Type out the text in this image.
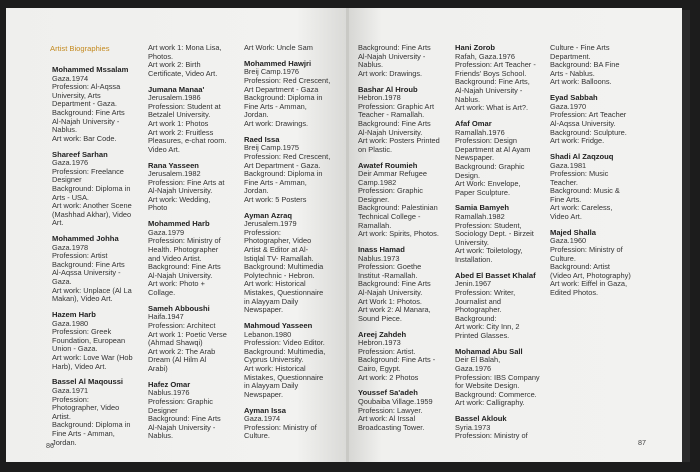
Artist Biographies
Mohammed Mssalam
Gaza.1974
Profession: Al-Aqssa
University, Arts
Department - Gaza.
Background: Fine Arts
Al-Najah University -
Nablus.
Art work: Bar Code.
Shareef Sarhan
Gaza.1976
Profession: Freelance
Designer
Background: Diploma in
Arts - USA.
Art work: Another Scene
(Mashhad Akhar), Video
Art.
Mohammed Johha
Gaza.1978
Profession: Artist
Background: Fine Arts
Al-Aqssa University -
Gaza.
Art work: Unplace (Al La
Makan), Video Art.
Hazem Harb
Gaza.1980
Profession: Greek
Foundation, European
Union - Gaza.
Art work: Love War (Hob
Harb), Video Art.
Bassel Al Maqoussi
Gaza.1971
Profession:
Photographer, Video
Artist.
Background: Diploma in
Fine Arts - Amman,
Jordan.
Art work 1: Mona Lisa,
Photos.
Art work 2: Birth
Certificate, Video Art.
Jumana Manaa'
Jerusalem.1986
Profession: Student at
Betzalel University.
Art work 1: Photos
Art work 2: Fruitless
Pleasures, e-chat room.
Video Art.
Rana Yasseen
Jerusalem.1982
Profession: Fine Arts at
Al-Najah University.
Art work: Wedding,
Photo
Mohammed Harb
Gaza.1979
Profession: Ministry of
Health. Photographer
and Video Artist.
Background: Fine Arts
Al-Najah University.
Art work: Photo +
Collage.
Sameh Abboushi
Haifa.1947
Profession: Architect
Art work 1: Poetic Verse
(Ahmad Shawqi)
Art work 2: The Arab
Dream (Al Hilm Al
Arabi)
Hafez Omar
Nablus.1976
Profession: Graphic
Designer
Background: Fine Arts
Al-Najah University -
Nablus.
Art Work: Uncle Sam
Mohammed Hawjri
Breij Camp.1976
Profession: Red Crescent,
Art Department - Gaza
Background: Diploma in
Fine Arts - Amman,
Jordan.
Art work: Drawings.
Raed Issa
Breij Camp.1975
Profession: Red Crescent,
Art Department - Gaza.
Background: Diploma in
Fine Arts - Amman,
Jordan.
Art work: 5 Posters
Ayman Azraq
Jerusalem.1979
Profession:
Photographer, Video
Artist & Editor at Al-
Istiqlal TV- Ramallah.
Background: Multimedia
Polytechnic - Hebron.
Art work: Historical
Mistakes, Questionnaire
in Alayyam Daily
Newspaper.
Mahmoud Yasseen
Lebanon.1980
Profession: Video Editor.
Background: Multimedia,
Cyprus University.
Art work: Historical
Mistakes, Questionnaire
in Alayyam Daily
Newspaper.
Ayman Issa
Gaza.1974
Profession: Ministry of
Culture.
Background: Fine Arts
Al-Najah University -
Nablus.
Art work: Drawings.
Bashar Al Hroub
Hebron.1978
Profession: Graphic Art
Teacher - Ramallah.
Background: Fine Arts
Al-Najah University.
Art work: Posters Printed
on Plastic.
Awatef Roumieh
Deir Ammar Refugee
Camp.1982
Profession: Graphic
Designer.
Background: Palestinian
Technical College -
Ramallah.
Art work: Spirits, Photos.
Inass Hamad
Nablus.1973
Profession: Goethe
Institut -Ramallah.
Background: Fine Arts
Al-Najah University.
Art Work 1: Photos.
Art work 2: Al Manara,
Sound Piece.
Areej Zahdeh
Hebron.1973
Profession: Artist.
Background: Fine Arts -
Cairo, Egypt.
Art work: 2 Photos
Youssef Sa'adeh
Qoubaiba Village.1959
Profession: Lawyer.
Art work: Al Irssal
Broadcasting Tower.
Hani Zorob
Rafah, Gaza.1976
Profession: Art Teacher -
Friends' Boys School.
Background: Fine Arts,
Al-Najah University -
Nablus.
Art work: What is Art?.
Afaf Omar
Ramallah.1976
Profession: Design
Department at Al Ayam
Newspaper.
Background: Graphic
Design.
Art Work: Envelope,
Paper Sculpture.
Samia Bamyeh
Ramallah.1982
Profession: Student,
Sociology Dept. - Birzeit
University.
Art work: Toiletology,
Installation.
Abed El Basset Khalaf
Jenin.1967
Profession: Writer,
Journalist and
Photographer.
Background:
Art work: City Inn, 2
Printed Glasses.
Mohamad Abu Sall
Deir El Balah,
Gaza.1976
Profession: IBS Company
for Website Design.
Background: Commerce.
Art work: Calligraphy.
Bassel Aklouk
Syria.1973
Profession: Ministry of
Culture - Fine Arts
Department.
Background: BA Fine
Arts - Nablus.
Art work: Balloons.
Eyad Sabbah
Gaza.1970
Profession: Art Teacher
Al-Aqssa University.
Background: Sculpture.
Art work: Fridge.
Shadi Al Zaqzouq
Gaza.1981
Profession: Music
Teacher.
Background: Music &
Fine Arts.
Art work: Careless,
Video Art.
Majed Shalla
Gaza.1960
Profession: Ministry of
Culture.
Background: Artist
(Video Art, Photography)
Art work: Eiffel in Gaza,
Edited Photos.
86	87
